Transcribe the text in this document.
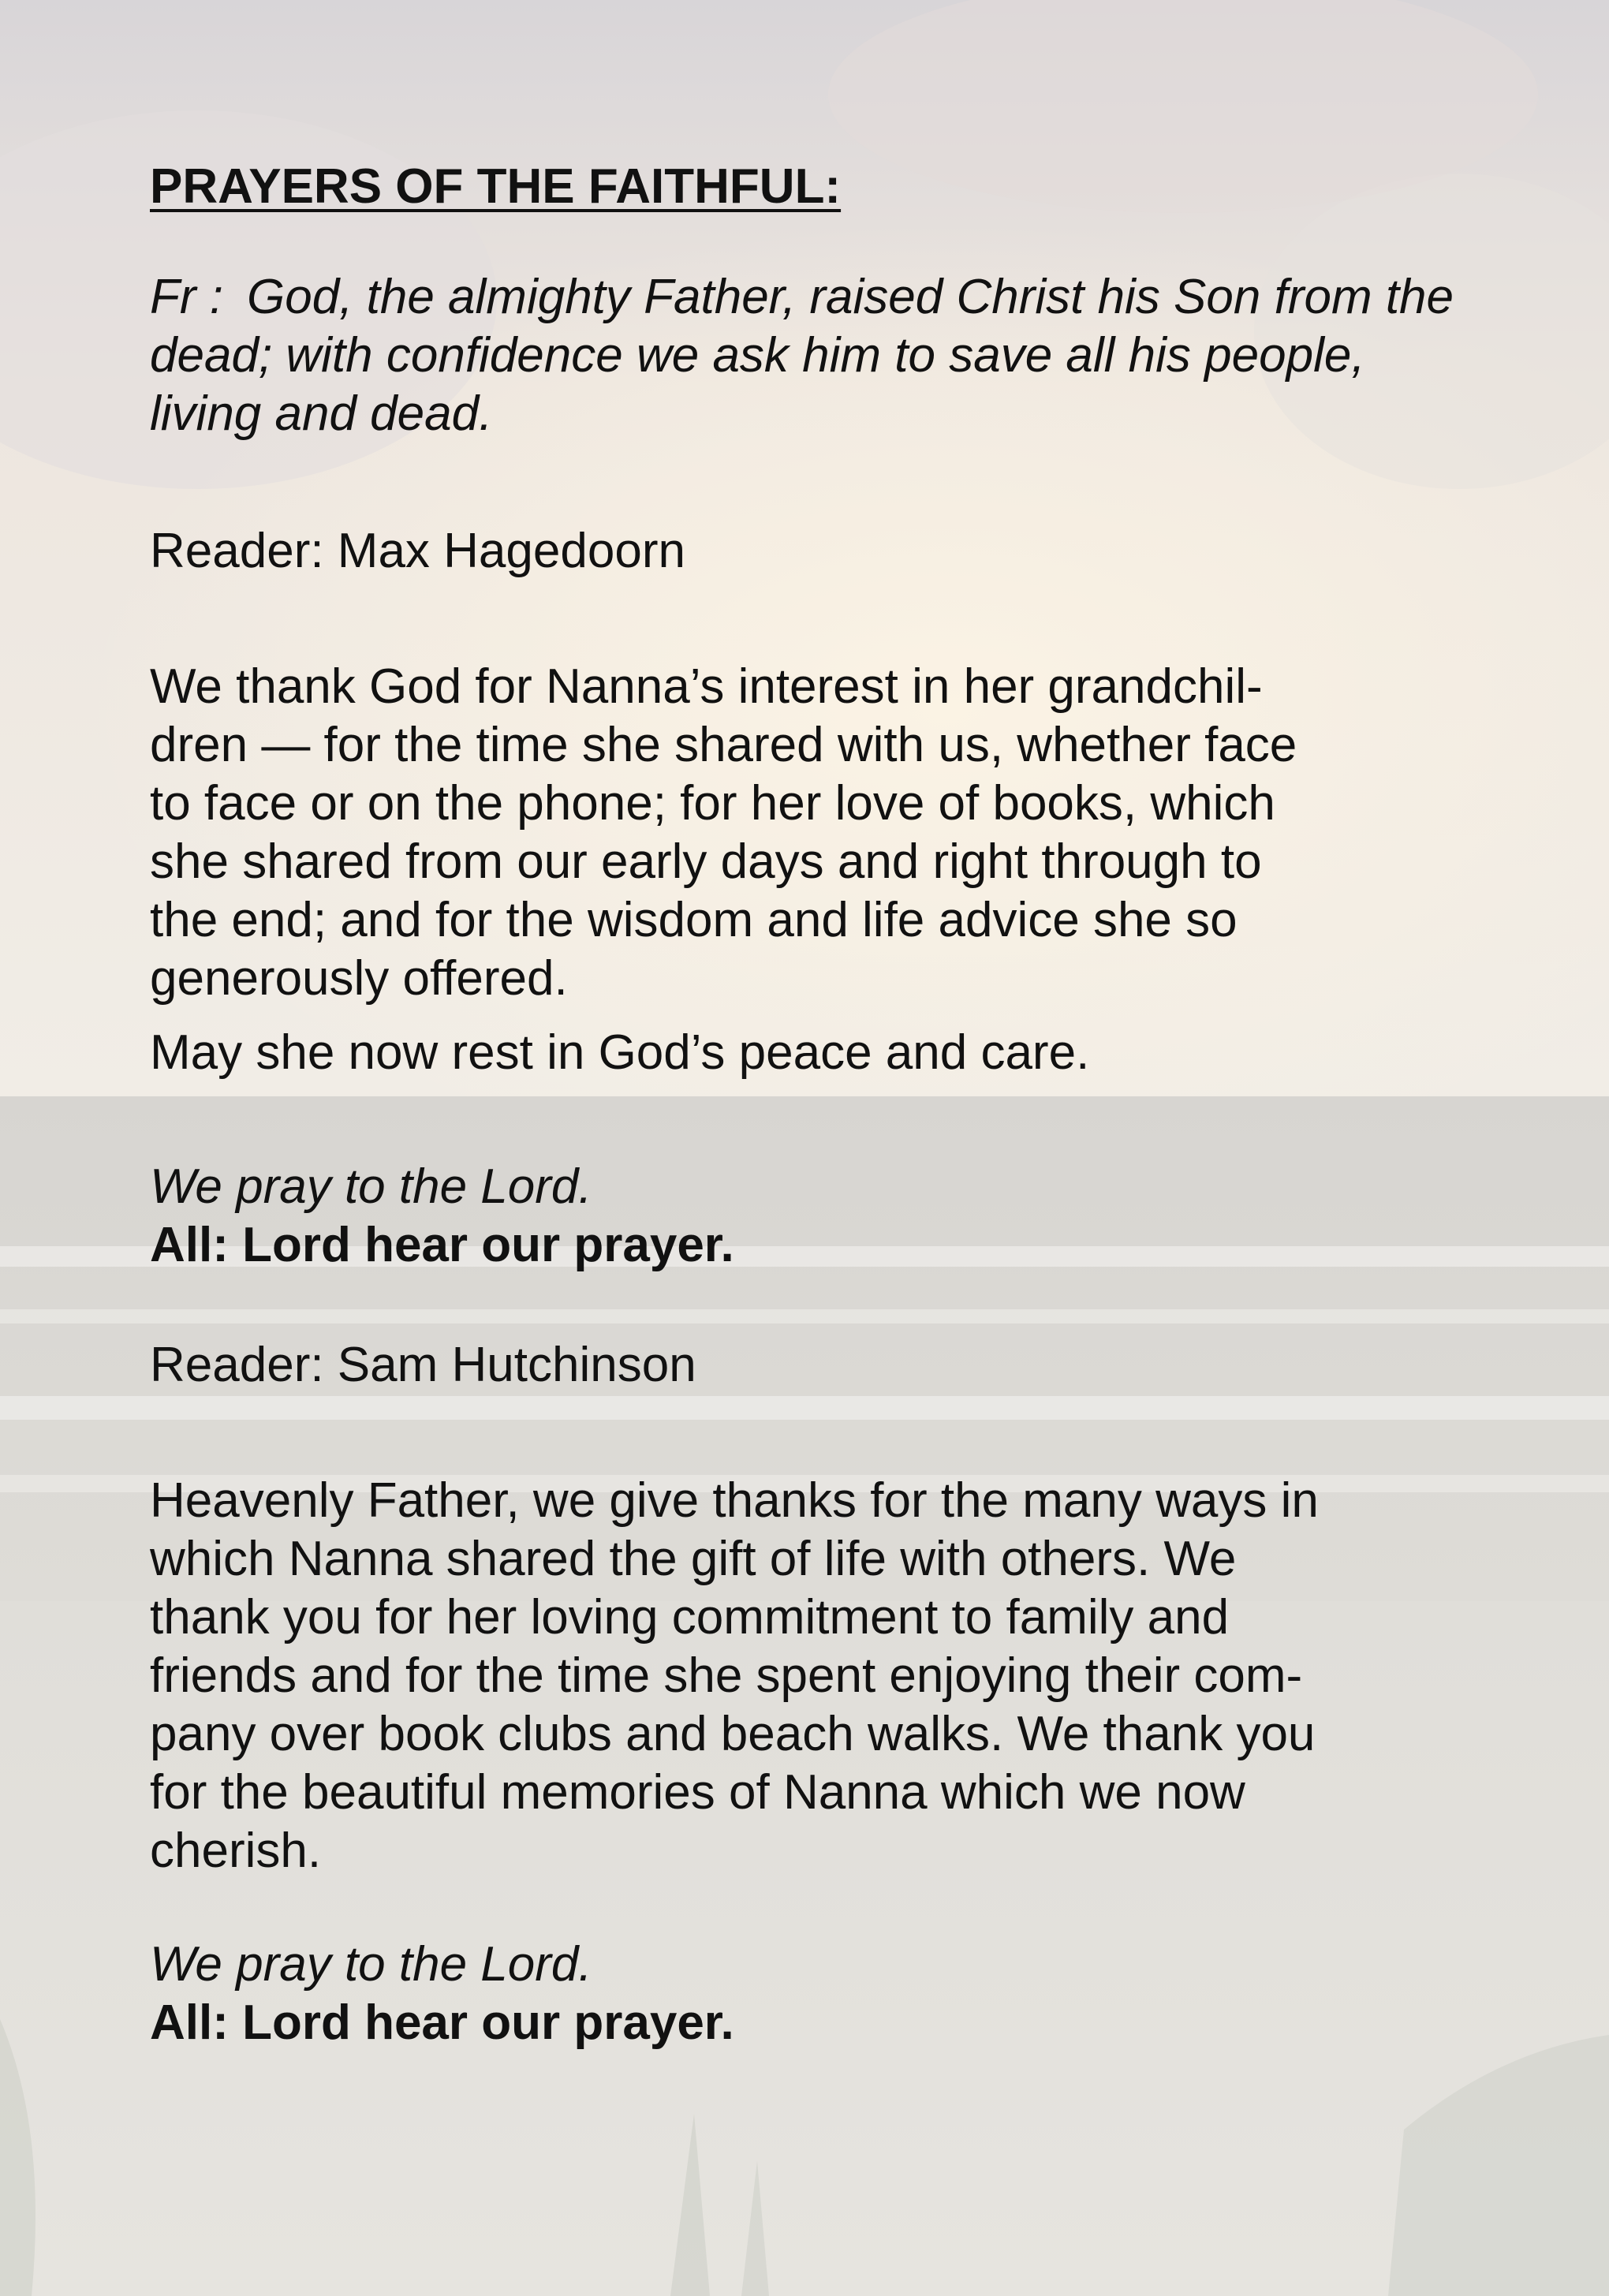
PRAYERS OF THE FAITHFUL:

Fr : God, the almighty Father, raised Christ his Son from the dead; with confidence we ask him to save all his people, living and dead.

Reader: Max Hagedoorn

We thank God for Nanna’s interest in her grandchil-

dren — for the time she shared with us, whether face

to face or on the phone; for her love of books, which

she shared from our early days and right through to

the end; and for the wisdom and life advice she so

generously offered.

May she now rest in God’s peace and care.

We pray to the Lord.

All: Lord hear our prayer.

Reader: Sam Hutchinson

Heavenly Father, we give thanks for the many ways in

which Nanna shared the gift of life with others. We

thank you for her loving commitment to family and

friends and for the time she spent enjoying their com-

pany over book clubs and beach walks. We thank you

for the beautiful memories of Nanna which we now

cherish.

We pray to the Lord.

All: Lord hear our prayer.
